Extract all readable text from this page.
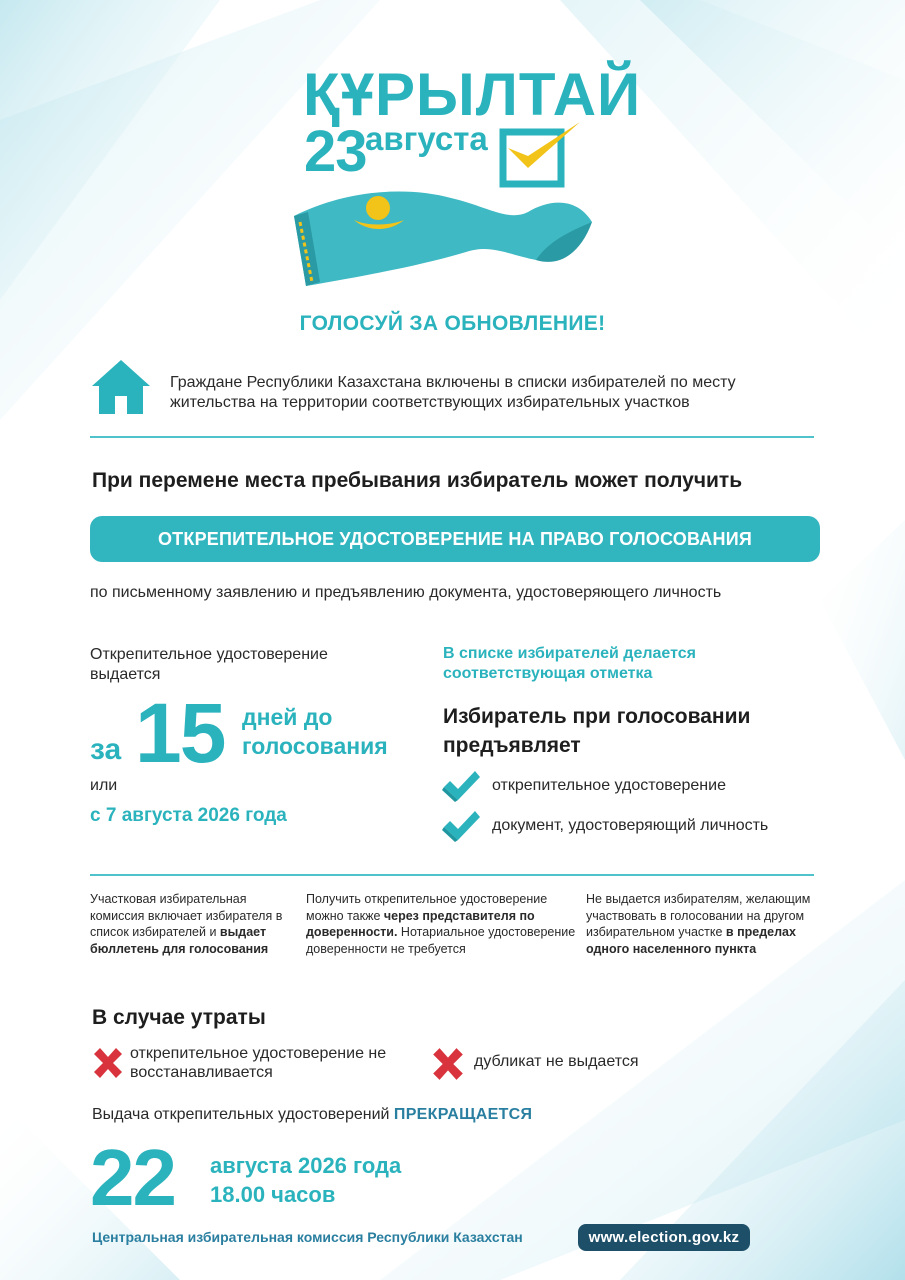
ҚҰРЫЛТАЙ
23
августа
ГОЛОСУЙ ЗА ОБНОВЛЕНИЕ!
Граждане Республики Казахстана включены в списки избирателей по месту жительства на территории соответствующих избирательных участков
При перемене места пребывания избиратель может получить
ОТКРЕПИТЕЛЬНОЕ УДОСТОВЕРЕНИЕ НА ПРАВО ГОЛОСОВАНИЯ
по письменному заявлению и предъявлению документа, удостоверяющего личность
Открепительное удостоверение выдается
за 15 дней до голосования
или
с 7 августа 2026 года
В списке избирателей делается соответствующая отметка
Избиратель при голосовании предъявляет
открепительное удостоверение
документ, удостоверяющий личность
Участковая избирательная комиссия включает избирателя в список избирателей и выдает бюллетень для голосования
Получить открепительное удостоверение можно также через представителя по доверенности. Нотариальное удостоверение доверенности не требуется
Не выдается избирателям, желающим участвовать в голосовании на другом избирательном участке в пределах одного населенного пункта
В случае утраты
открепительное удостоверение не восстанавливается
дубликат не выдается
Выдача открепительных удостоверений ПРЕКРАЩАЕТСЯ
22 августа 2026 года
18.00 часов
Центральная избирательная комиссия Республики Казахстан	www.election.gov.kz
